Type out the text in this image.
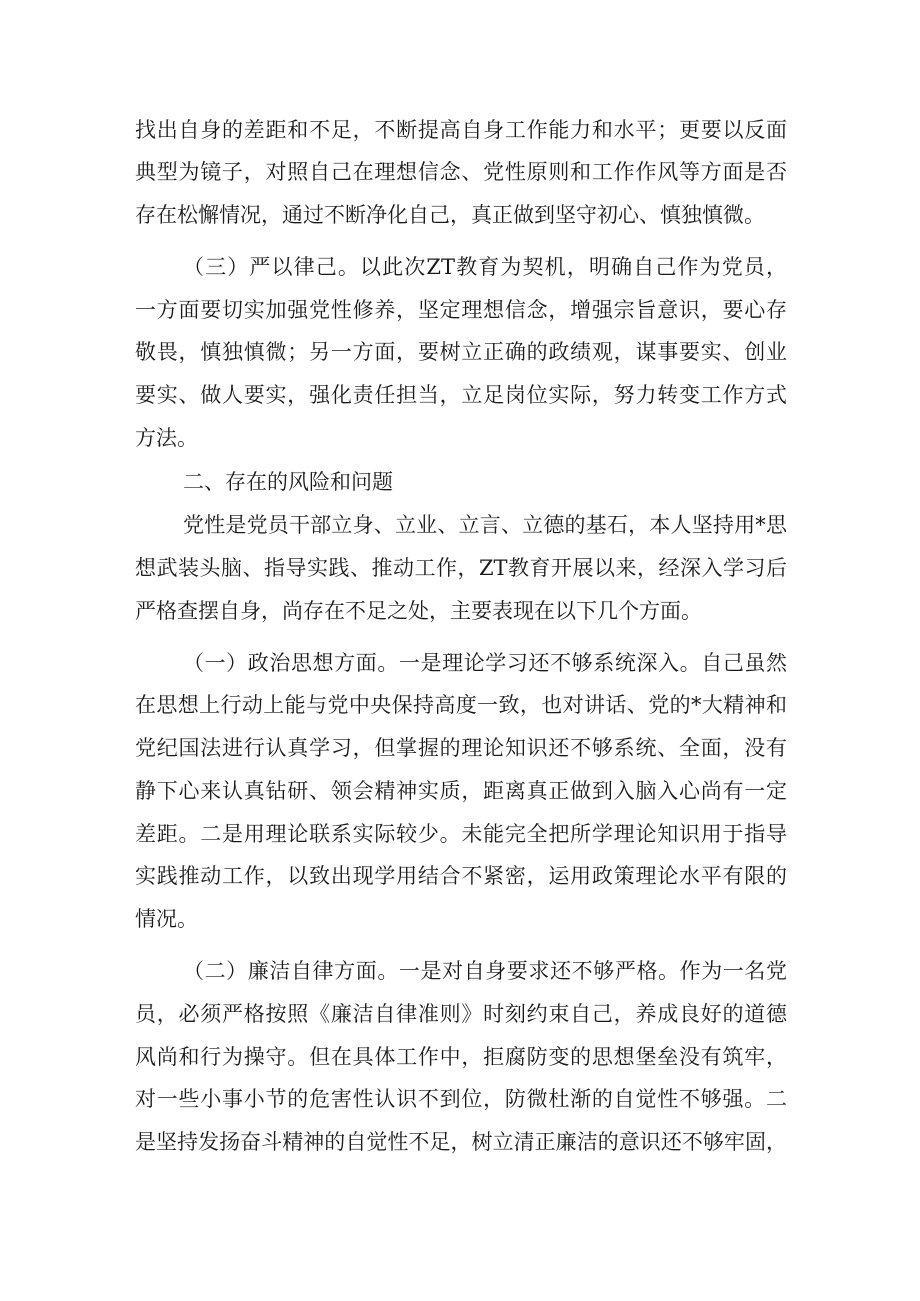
找出自身的差距和不足，不断提高自身工作能力和水平；更要以反面
典型为镜子，对照自己在理想信念、党性原则和工作作风等方面是否
存在松懈情况，通过不断净化自己，真正做到坚守初心、慎独慎微。
（三）严以律己。以此次ZT教育为契机，明确自己作为党员，
一方面要切实加强党性修养，坚定理想信念，增强宗旨意识，要心存
敬畏，慎独慎微；另一方面，要树立正确的政绩观，谋事要实、创业
要实、做人要实，强化责任担当，立足岗位实际，努力转变工作方式
方法。
二、存在的风险和问题
党性是党员干部立身、立业、立言、立德的基石，本人坚持用*思
想武装头脑、指导实践、推动工作，ZT教育开展以来，经深入学习后
严格查摆自身，尚存在不足之处，主要表现在以下几个方面。
（一）政治思想方面。一是理论学习还不够系统深入。自己虽然
在思想上行动上能与党中央保持高度一致，也对讲话、党的*大精神和
党纪国法进行认真学习，但掌握的理论知识还不够系统、全面，没有
静下心来认真钻研、领会精神实质，距离真正做到入脑入心尚有一定
差距。二是用理论联系实际较少。未能完全把所学理论知识用于指导
实践推动工作，以致出现学用结合不紧密，运用政策理论水平有限的
情况。
（二）廉洁自律方面。一是对自身要求还不够严格。作为一名党
员，必须严格按照《廉洁自律准则》时刻约束自己，养成良好的道德
风尚和行为操守。但在具体工作中，拒腐防变的思想堡垒没有筑牢，
对一些小事小节的危害性认识不到位，防微杜渐的自觉性不够强。二
是坚持发扬奋斗精神的自觉性不足，树立清正廉洁的意识还不够牢固，
